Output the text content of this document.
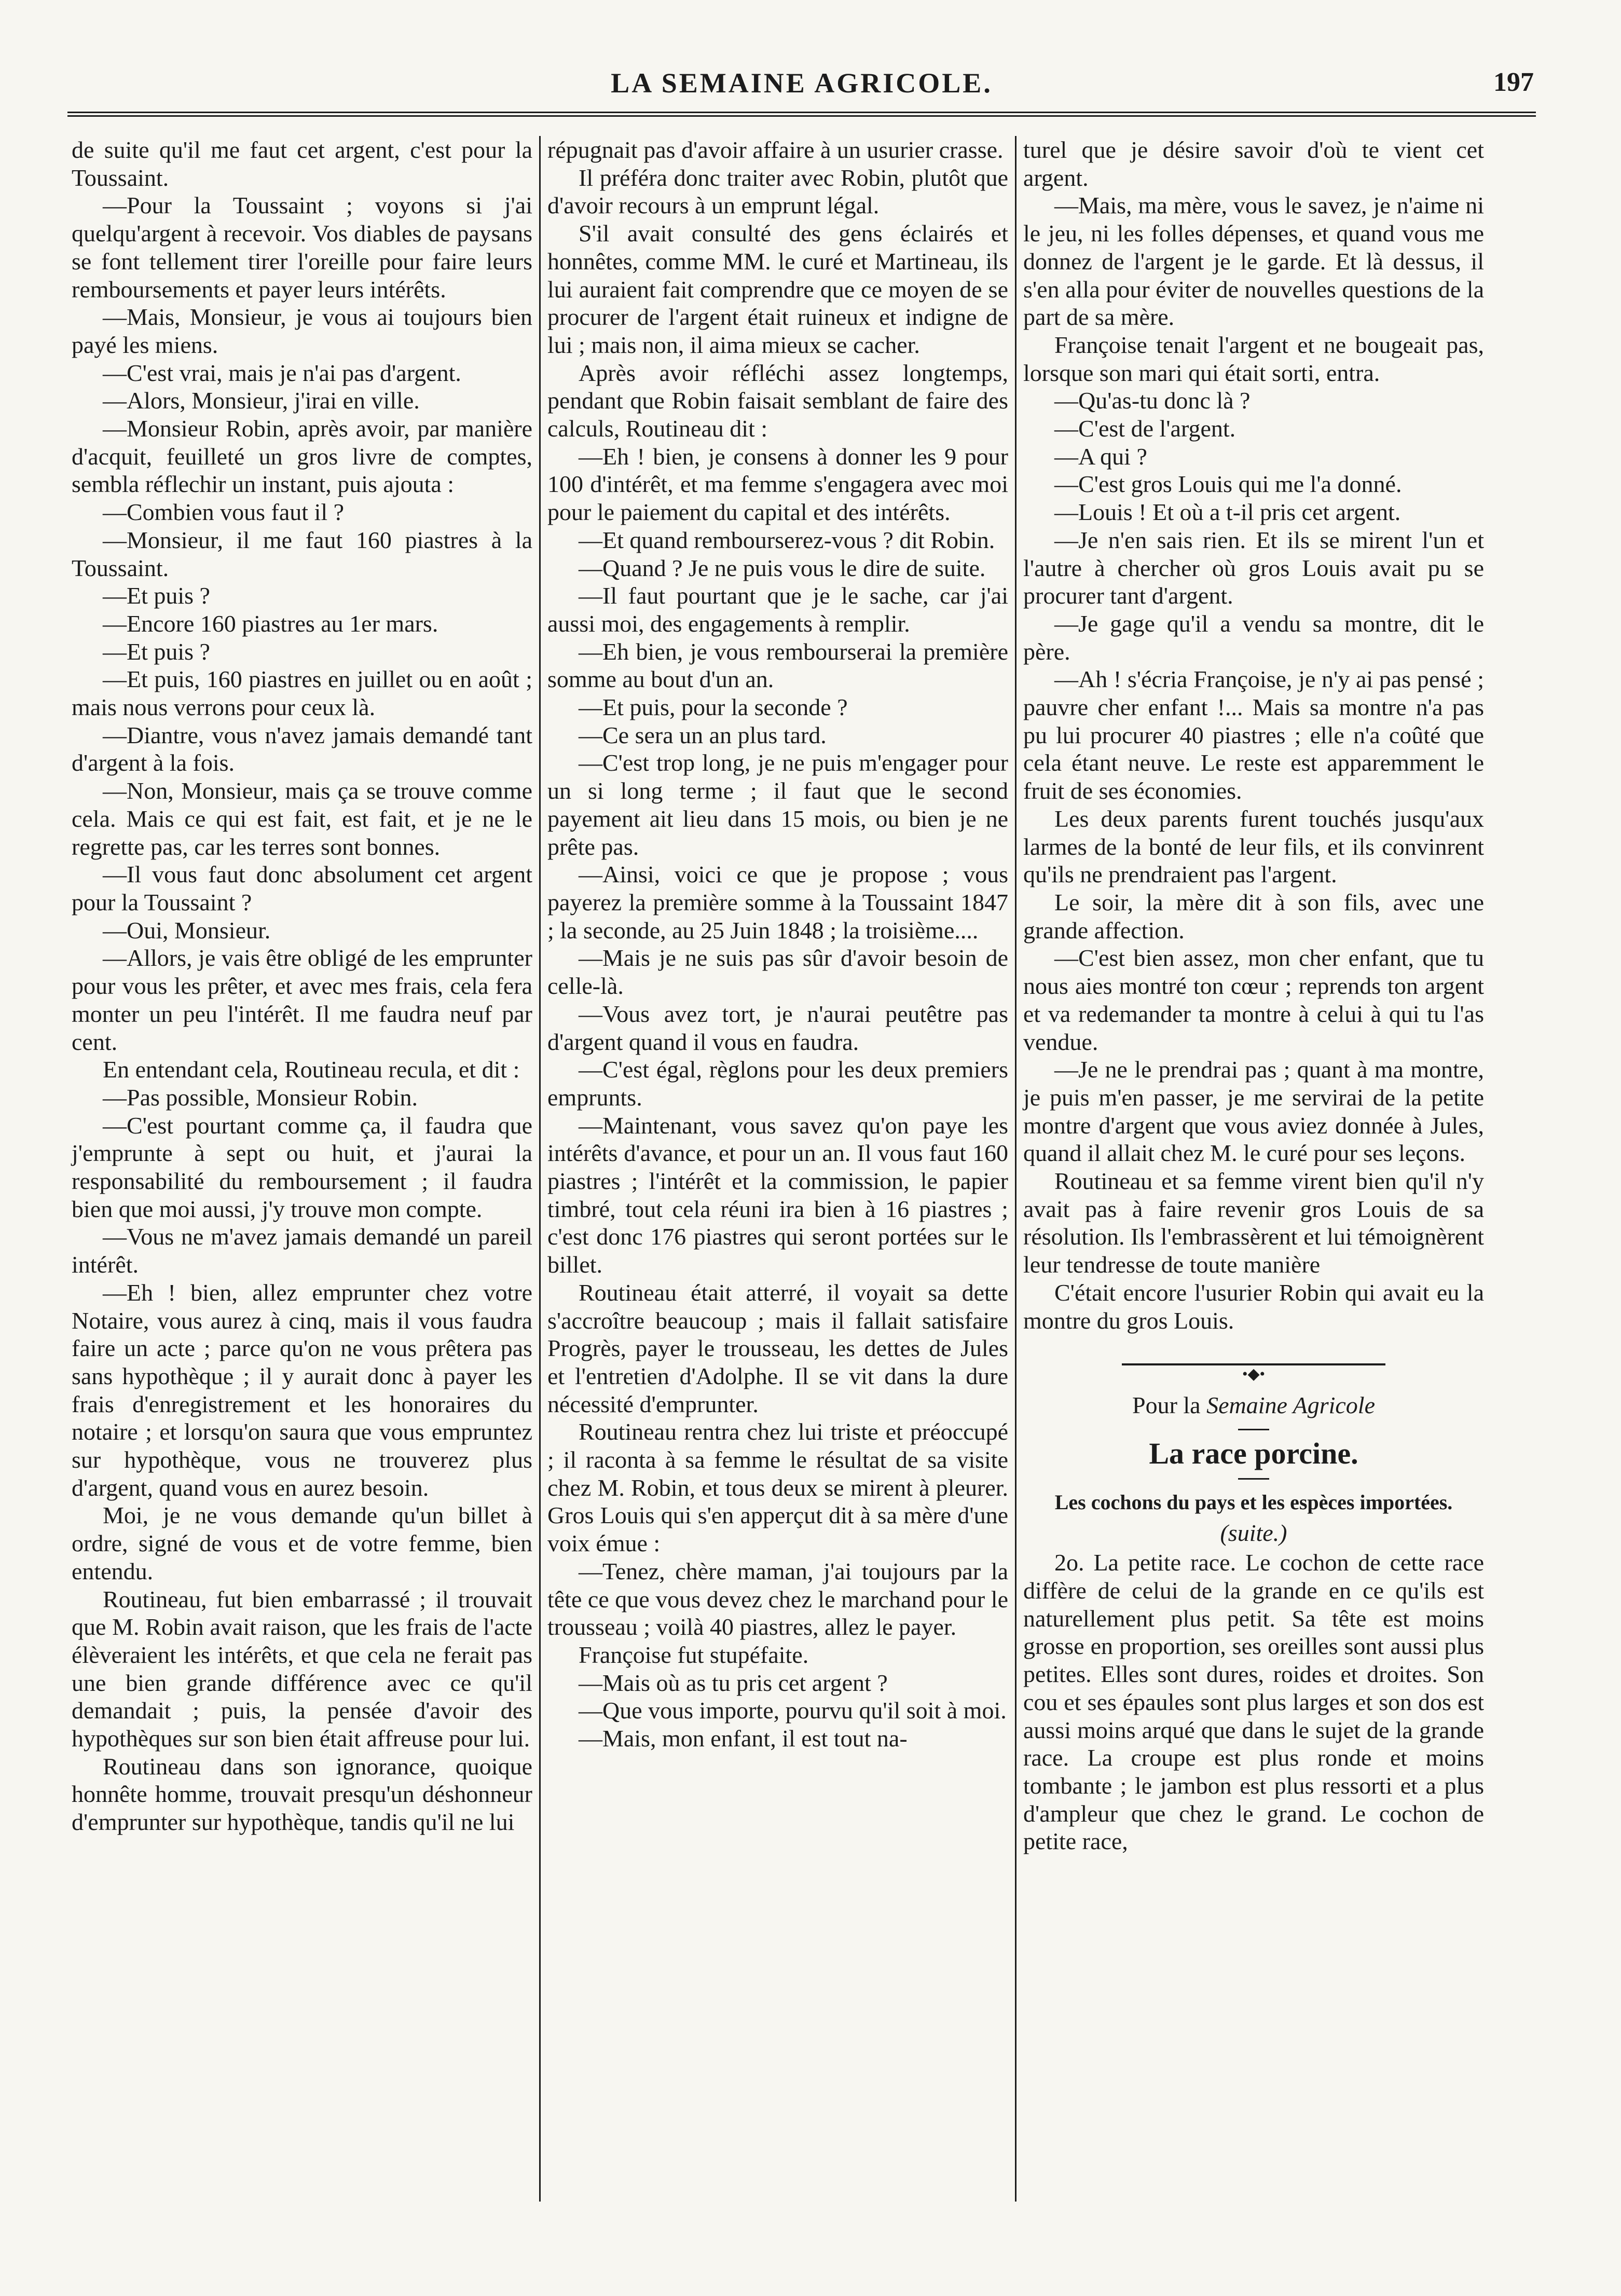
LA SEMAINE AGRICOLE.	197

de suite qu'il me faut cet argent, c'est pour la Toussaint.

—Pour la Toussaint ; voyons si j'ai quelqu'argent à recevoir. Vos diables de paysans se font tellement tirer l'oreille pour faire leurs remboursements et payer leurs intérêts.

—Mais, Monsieur, je vous ai toujours bien payé les miens.

—C'est vrai, mais je n'ai pas d'argent.

—Alors, Monsieur, j'irai en ville.

—Monsieur Robin, après avoir, par manière d'acquit, feuilleté un gros livre de comptes, sembla réflechir un instant, puis ajouta :

—Combien vous faut il ?

—Monsieur, il me faut 160 piastres à la Toussaint.

—Et puis ?

—Encore 160 piastres au 1er mars.

—Et puis ?

—Et puis, 160 piastres en juillet ou en août ; mais nous verrons pour ceux là.

—Diantre, vous n'avez jamais demandé tant d'argent à la fois.

—Non, Monsieur, mais ça se trouve comme cela. Mais ce qui est fait, est fait, et je ne le regrette pas, car les terres sont bonnes.

—Il vous faut donc absolument cet argent pour la Toussaint ?

—Oui, Monsieur.

—Allors, je vais être obligé de les emprunter pour vous les prêter, et avec mes frais, cela fera monter un peu l'intérêt. Il me faudra neuf par cent.

En entendant cela, Routineau recula, et dit :

—Pas possible, Monsieur Robin.

—C'est pourtant comme ça, il faudra que j'emprunte à sept ou huit, et j'aurai la responsabilité du remboursement ; il faudra bien que moi aussi, j'y trouve mon compte.

—Vous ne m'avez jamais demandé un pareil intérêt.

—Eh ! bien, allez emprunter chez votre Notaire, vous aurez à cinq, mais il vous faudra faire un acte ; parce qu'on ne vous prêtera pas sans hypothèque ; il y aurait donc à payer les frais d'enregistrement et les honoraires du notaire ; et lorsqu'on saura que vous empruntez sur hypothèque, vous ne trouverez plus d'argent, quand vous en aurez besoin.

Moi, je ne vous demande qu'un billet à ordre, signé de vous et de votre femme, bien entendu.

Routineau, fut bien embarrassé ; il trouvait que M. Robin avait raison, que les frais de l'acte élèveraient les intérêts, et que cela ne ferait pas une bien grande différence avec ce qu'il demandait ; puis, la pensée d'avoir des hypothèques sur son bien était affreuse pour lui.

Routineau dans son ignorance, quoique honnête homme, trouvait presqu'un déshonneur d'emprunter sur hypothèque, tandis qu'il ne lui

répugnait pas d'avoir affaire à un usurier crasse.

Il préféra donc traiter avec Robin, plutôt que d'avoir recours à un emprunt légal.

S'il avait consulté des gens éclairés et honnêtes, comme MM. le curé et Martineau, ils lui auraient fait comprendre que ce moyen de se procurer de l'argent était ruineux et indigne de lui ; mais non, il aima mieux se cacher.

Après avoir réfléchi assez longtemps, pendant que Robin faisait semblant de faire des calculs, Routineau dit :

—Eh ! bien, je consens à donner les 9 pour 100 d'intérêt, et ma femme s'engagera avec moi pour le paiement du capital et des intérêts.

—Et quand rembourserez-vous ? dit Robin.

—Quand ? Je ne puis vous le dire de suite.

—Il faut pourtant que je le sache, car j'ai aussi moi, des engagements à remplir.

—Eh bien, je vous rembourserai la première somme au bout d'un an.

—Et puis, pour la seconde ?

—Ce sera un an plus tard.

—C'est trop long, je ne puis m'engager pour un si long terme ; il faut que le second payement ait lieu dans 15 mois, ou bien je ne prête pas.

—Ainsi, voici ce que je propose ; vous payerez la première somme à la Toussaint 1847 ; la seconde, au 25 Juin 1848 ; la troisième....

—Mais je ne suis pas sûr d'avoir besoin de celle-là.

—Vous avez tort, je n'aurai peutêtre pas d'argent quand il vous en faudra.

—C'est égal, règlons pour les deux premiers emprunts.

—Maintenant, vous savez qu'on paye les intérêts d'avance, et pour un an. Il vous faut 160 piastres ; l'intérêt et la commission, le papier timbré, tout cela réuni ira bien à 16 piastres ; c'est donc 176 piastres qui seront portées sur le billet.

Routineau était atterré, il voyait sa dette s'accroître beaucoup ; mais il fallait satisfaire Progrès, payer le trousseau, les dettes de Jules et l'entretien d'Adolphe. Il se vit dans la dure nécessité d'emprunter.

Routineau rentra chez lui triste et préoccupé ; il raconta à sa femme le résultat de sa visite chez M. Robin, et tous deux se mirent à pleurer. Gros Louis qui s'en apperçut dit à sa mère d'une voix émue :

—Tenez, chère maman, j'ai toujours par la tête ce que vous devez chez le marchand pour le trousseau ; voilà 40 piastres, allez le payer.

Françoise fut stupéfaite.

—Mais où as tu pris cet argent ?

—Que vous importe, pourvu qu'il soit à moi.

—Mais, mon enfant, il est tout na-

turel que je désire savoir d'où te vient cet argent.

—Mais, ma mère, vous le savez, je n'aime ni le jeu, ni les folles dépenses, et quand vous me donnez de l'argent je le garde. Et là dessus, il s'en alla pour éviter de nouvelles questions de la part de sa mère.

Françoise tenait l'argent et ne bougeait pas, lorsque son mari qui était sorti, entra.

—Qu'as-tu donc là ?

—C'est de l'argent.

—A qui ?

—C'est gros Louis qui me l'a donné.

—Louis ! Et où a t-il pris cet argent.

—Je n'en sais rien. Et ils se mirent l'un et l'autre à chercher où gros Louis avait pu se procurer tant d'argent.

—Je gage qu'il a vendu sa montre, dit le père.

—Ah ! s'écria Françoise, je n'y ai pas pensé ; pauvre cher enfant !... Mais sa montre n'a pas pu lui procurer 40 piastres ; elle n'a coûté que cela étant neuve. Le reste est apparemment le fruit de ses économies.

Les deux parents furent touchés jusqu'aux larmes de la bonté de leur fils, et ils convinrent qu'ils ne prendraient pas l'argent.

Le soir, la mère dit à son fils, avec une grande affection.

—C'est bien assez, mon cher enfant, que tu nous aies montré ton cœur ; reprends ton argent et va redemander ta montre à celui à qui tu l'as vendue.

—Je ne le prendrai pas ; quant à ma montre, je puis m'en passer, je me servirai de la petite montre d'argent que vous aviez donnée à Jules, quand il allait chez M. le curé pour ses leçons.

Routineau et sa femme virent bien qu'il n'y avait pas à faire revenir gros Louis de sa résolution. Ils l'embrassèrent et lui témoignèrent leur tendresse de toute manière

C'était encore l'usurier Robin qui avait eu la montre du gros Louis.

•◆•

Pour la Semaine Agricole

La race porcine.
Les cochons du pays et les espèces importées.
(suite.)

2o. La petite race. Le cochon de cette race diffère de celui de la grande en ce qu'ils est naturellement plus petit. Sa tête est moins grosse en proportion, ses oreilles sont aussi plus petites. Elles sont dures, roides et droites. Son cou et ses épaules sont plus larges et son dos est aussi moins arqué que dans le sujet de la grande race. La croupe est plus ronde et moins tombante ; le jambon est plus ressorti et a plus d'ampleur que chez le grand. Le cochon de petite race,
